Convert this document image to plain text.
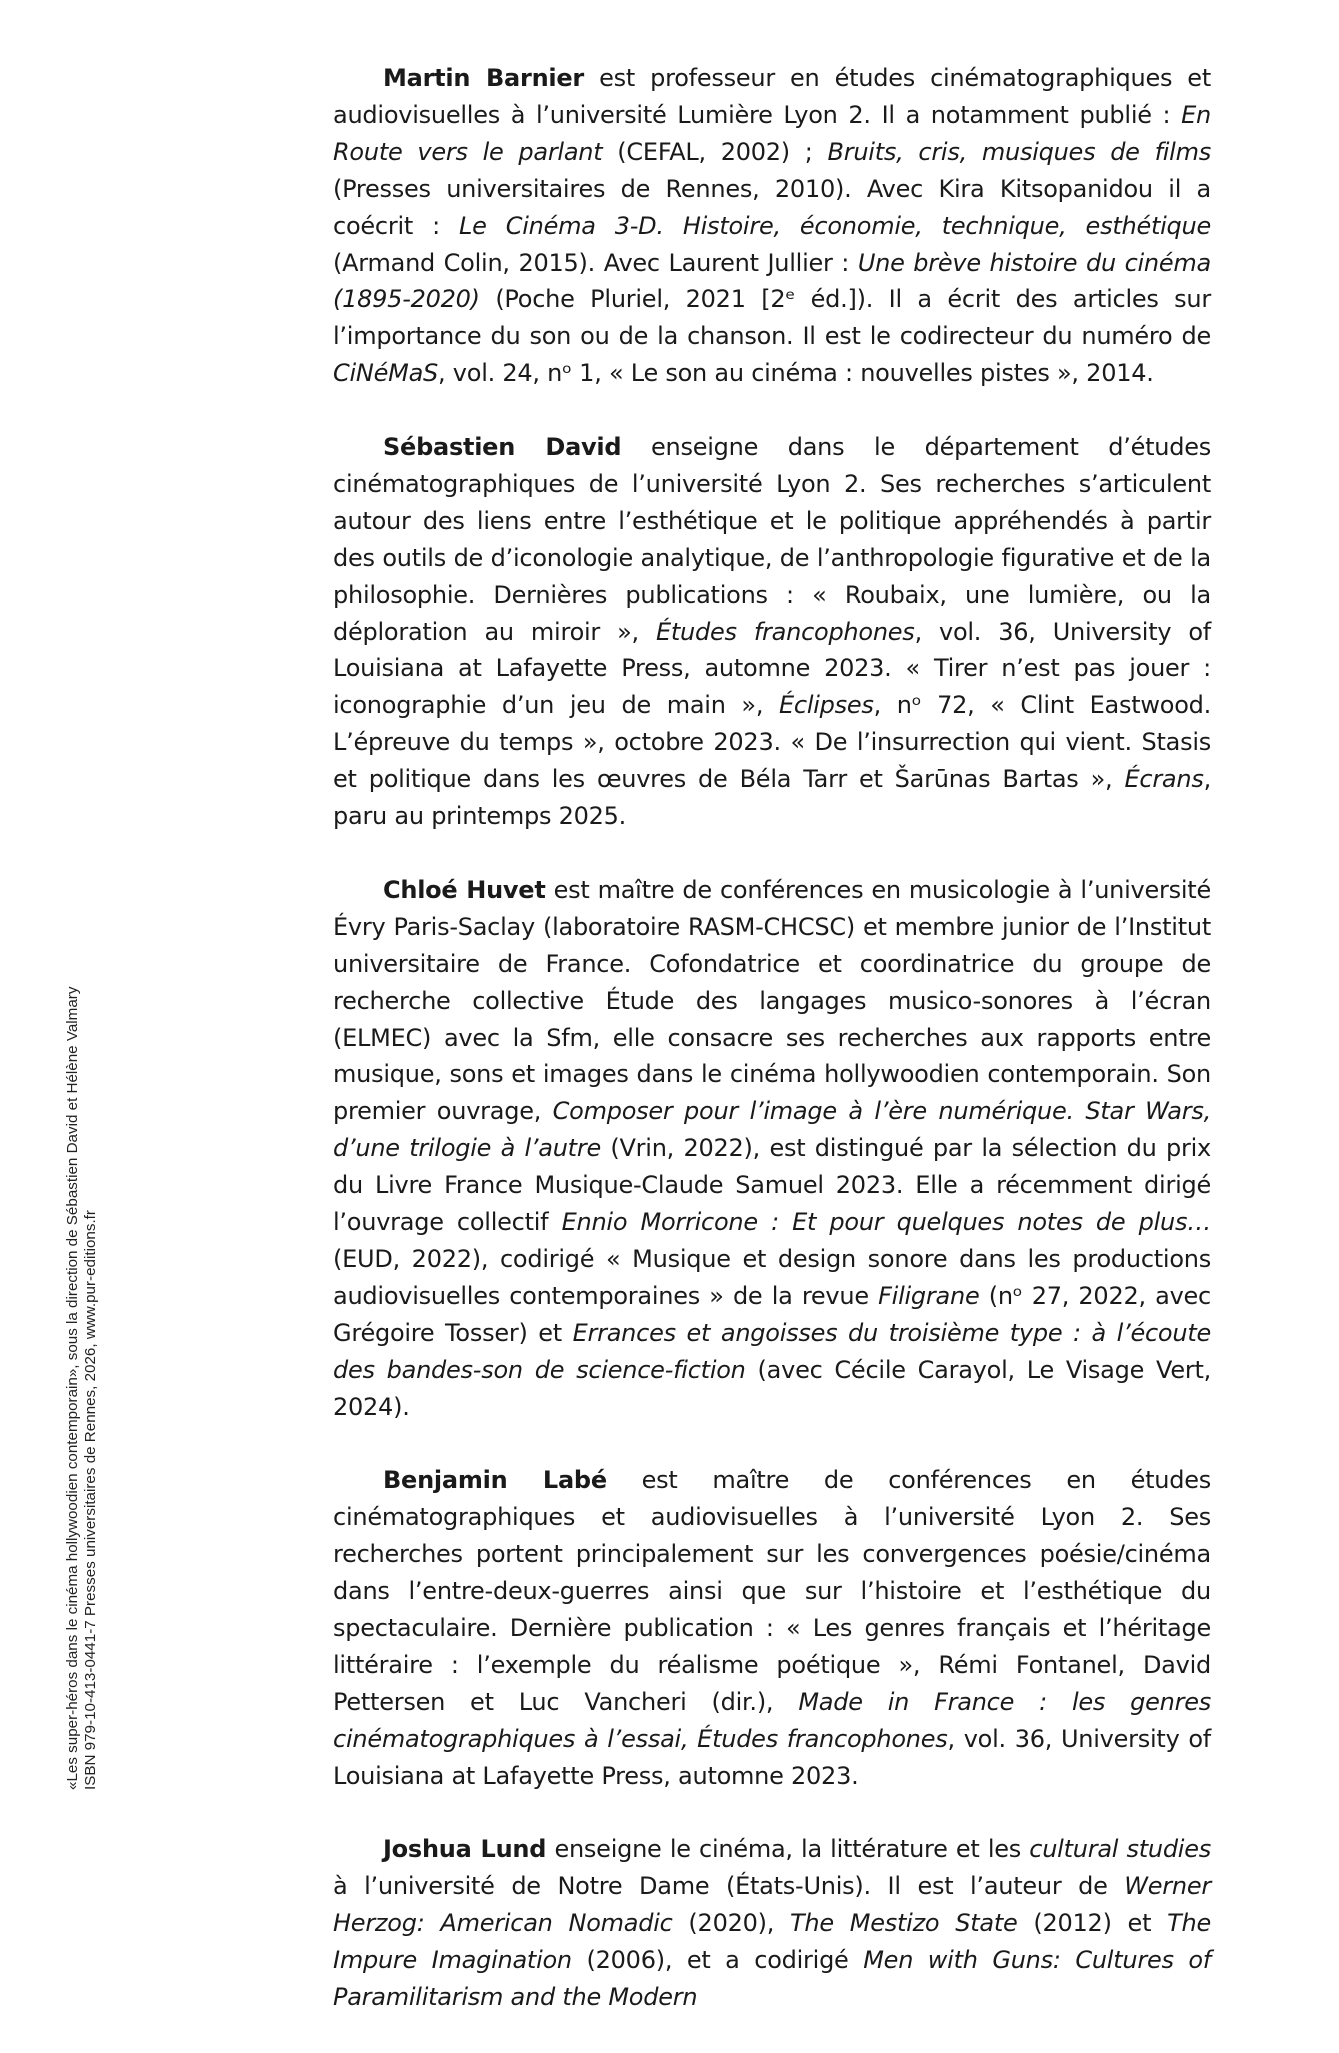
Martin Barnier est professeur en études cinématographiques et audiovisuelles à l’université Lumière Lyon 2. Il a notamment publié : En Route vers le parlant (CEFAL, 2002) ; Bruits, cris, musiques de films (Presses universitaires de Rennes, 2010). Avec Kira Kitsopanidou il a coécrit : Le Cinéma 3-D. Histoire, économie, technique, esthétique (Armand Colin, 2015). Avec Laurent Jullier : Une brève histoire du cinéma (1895-2020) (Poche Pluriel, 2021 [2ᵉ éd.]). Il a écrit des articles sur l’importance du son ou de la chanson. Il est le codirecteur du numéro de CiNéMaS, vol. 24, nᵒ 1, « Le son au cinéma : nouvelles pistes », 2014.

Sébastien David enseigne dans le département d’études cinématographiques de l’université Lyon 2. Ses recherches s’articulent autour des liens entre l’esthétique et le politique appréhendés à partir des outils de d’iconologie analytique, de l’anthropologie figurative et de la philosophie. Dernières publications : « Roubaix, une lumière, ou la déploration au miroir », Études francophones, vol. 36, University of Louisiana at Lafayette Press, automne 2023. « Tirer n’est pas jouer : iconographie d’un jeu de main », Éclipses, nᵒ 72, « Clint Eastwood. L’épreuve du temps », octobre 2023. « De l’insurrection qui vient. Stasis et politique dans les œuvres de Béla Tarr et Šarūnas Bartas », Écrans, paru au printemps 2025.

Chloé Huvet est maître de conférences en musicologie à l’université Évry Paris-Saclay (laboratoire RASM-CHCSC) et membre junior de l’Institut universitaire de France. Cofondatrice et coordinatrice du groupe de recherche collective Étude des langages musico-sonores à l’écran (ELMEC) avec la Sfm, elle consacre ses recherches aux rapports entre musique, sons et images dans le cinéma hollywoodien contemporain. Son premier ouvrage, Composer pour l’image à l’ère numérique. Star Wars, d’une trilogie à l’autre (Vrin, 2022), est distingué par la sélection du prix du Livre France Musique-Claude Samuel 2023. Elle a récemment dirigé l’ouvrage collectif Ennio Morricone : Et pour quelques notes de plus… (EUD, 2022), codirigé « Musique et design sonore dans les productions audiovisuelles contemporaines » de la revue Filigrane (nᵒ 27, 2022, avec Grégoire Tosser) et Errances et angoisses du troisième type : à l’écoute des bandes-son de science-fiction (avec Cécile Carayol, Le Visage Vert, 2024).

Benjamin Labé est maître de conférences en études cinématographiques et audiovisuelles à l’université Lyon 2. Ses recherches portent principalement sur les convergences poésie/cinéma dans l’entre-deux-guerres ainsi que sur l’histoire et l’esthétique du spectaculaire. Dernière publication : « Les genres français et l’héritage littéraire : l’exemple du réalisme poétique », Rémi Fontanel, David Pettersen et Luc Vancheri (dir.), Made in France : les genres cinématographiques à l’essai, Études francophones, vol. 36, University of Louisiana at Lafayette Press, automne 2023.

Joshua Lund enseigne le cinéma, la littérature et les cultural studies à l’université de Notre Dame (États-Unis). Il est l’auteur de Werner Herzog: American Nomadic (2020), The Mestizo State (2012) et The Impure Imagination (2006), et a codirigé Men with Guns: Cultures of Paramilitarism and the Modern

«Les super-héros dans le cinéma hollywoodien contemporain», sous la direction de Sébastien David et Hélène Valmary ISBN 979-10-413-0441-7 Presses universitaires de Rennes, 2026, www.pur-editions.fr
